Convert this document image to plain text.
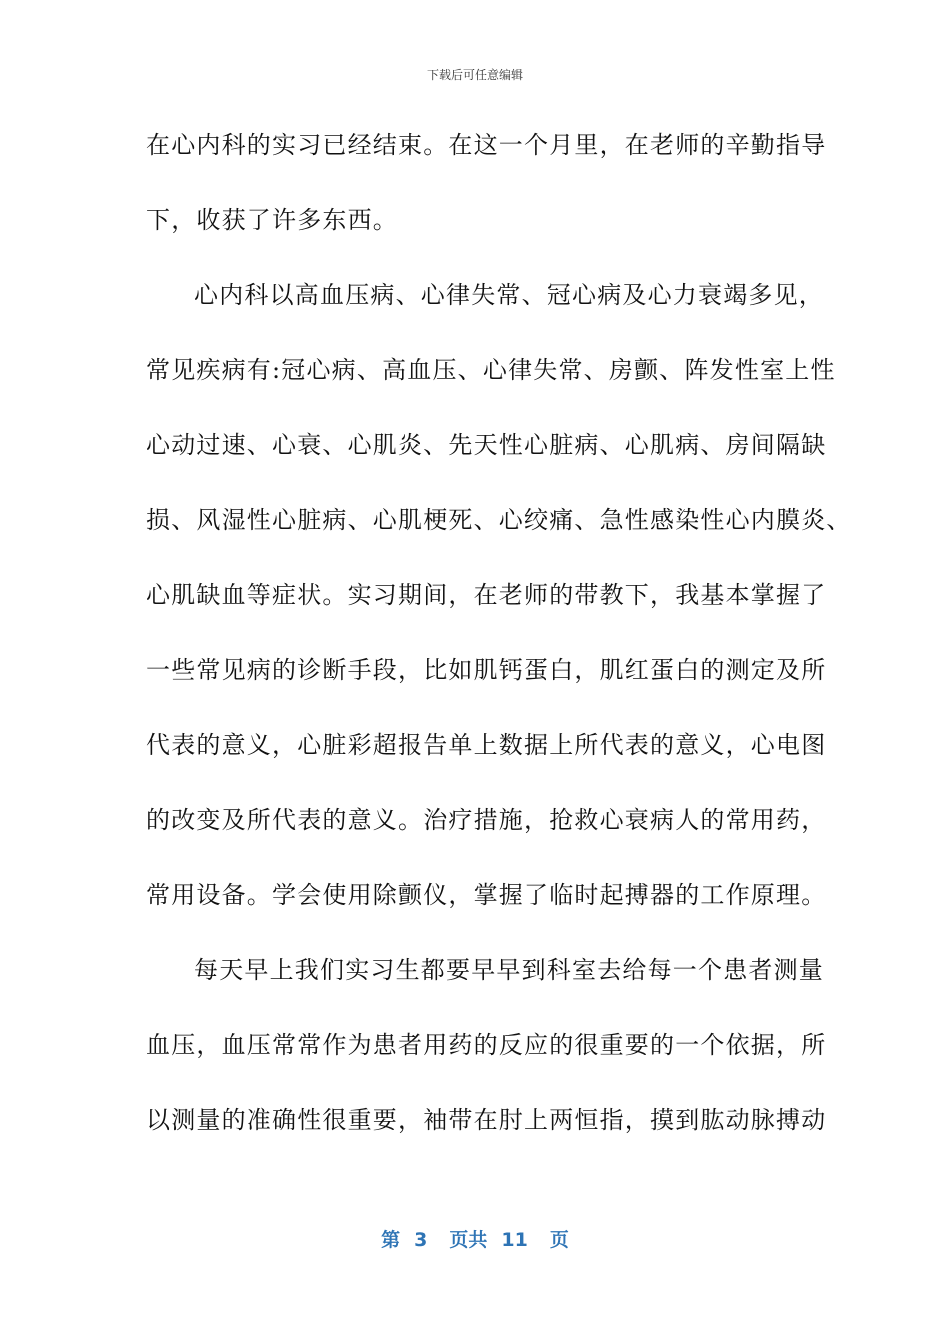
下载后可任意编辑
在心内科的实习已经结束。在这一个月里，在老师的辛勤指导
下，收获了许多东西。
心内科以高血压病、心律失常、冠心病及心力衰竭多见，
常见疾病有:冠心病、高血压、心律失常、房颤、阵发性室上性
心动过速、心衰、心肌炎、先天性心脏病、心肌病、房间隔缺
损、风湿性心脏病、心肌梗死、心绞痛、急性感染性心内膜炎、
心肌缺血等症状。实习期间，在老师的带教下，我基本掌握了
一些常见病的诊断手段，比如肌钙蛋白，肌红蛋白的测定及所
代表的意义，心脏彩超报告单上数据上所代表的意义，心电图
的改变及所代表的意义。治疗措施，抢救心衰病人的常用药，
常用设备。学会使用除颤仪，掌握了临时起搏器的工作原理。
每天早上我们实习生都要早早到科室去给每一个患者测量
血压，血压常常作为患者用药的反应的很重要的一个依据，所
以测量的准确性很重要，袖带在肘上两恒指，摸到肱动脉搏动
第 3 页共 11 页
